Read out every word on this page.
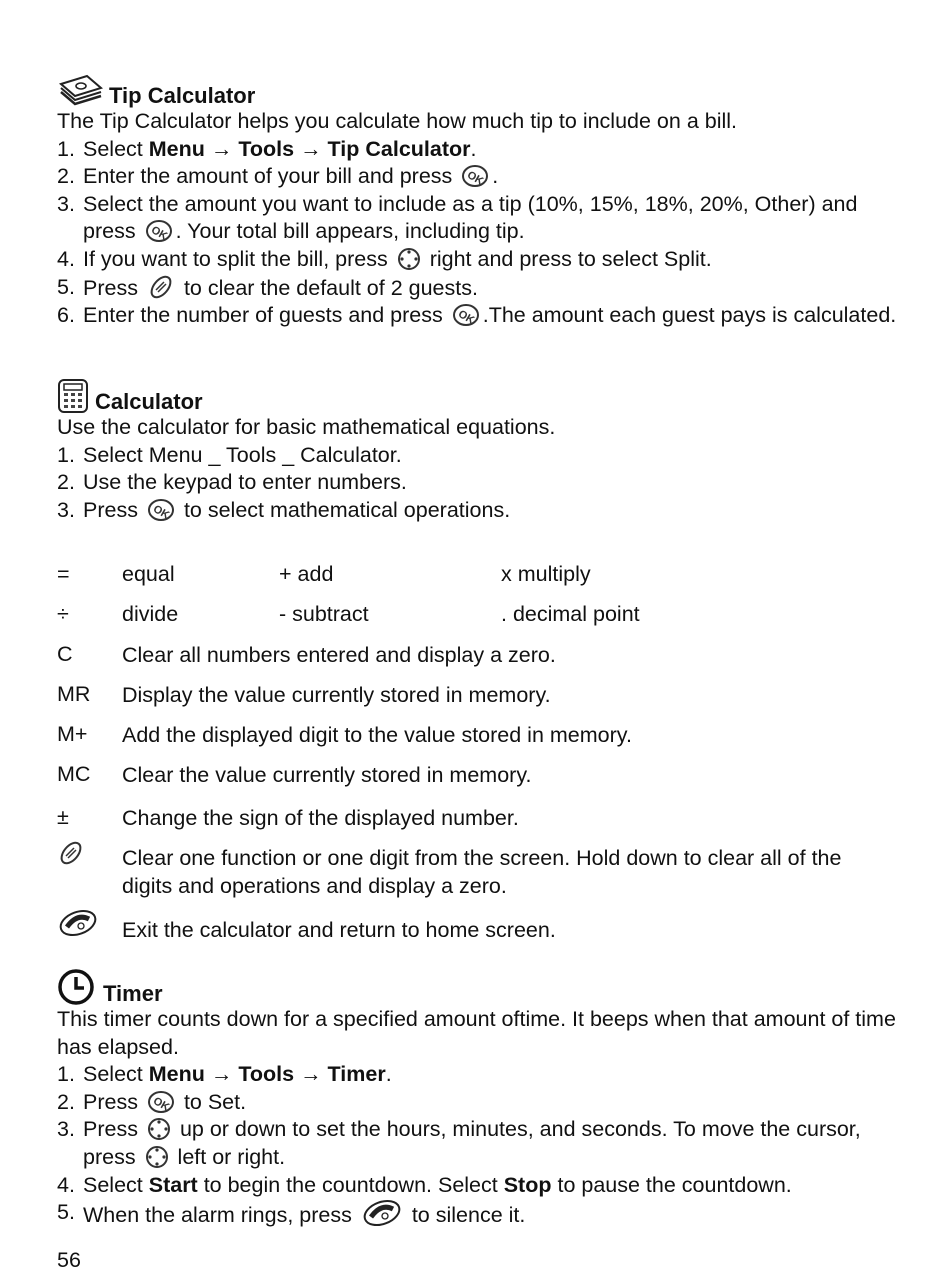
Tip Calculator
The Tip Calculator helps you calculate how much tip to include on a bill.
1. Select Menu → Tools → Tip Calculator.
2. Enter the amount of your bill and press OK .
3. Select the amount you want to include as a tip (10%, 15%, 18%, 20%, Other) and press OK . Your total bill appears, including tip.
4. If you want to split the bill, press right and press to select Split.
5. Press to clear the default of 2 guests.
6. Enter the number of guests and press OK .The amount each guest pays is calculated.
Calculator
Use the calculator for basic mathematical equations.
1. Select Menu _ Tools _ Calculator.
2. Use the keypad to enter numbers.
3. Press OK to select mathematical operations.
=	equal	+ add	x multiply
÷	divide	- subtract	. decimal point
C	Clear all numbers entered and display a zero.
MR	Display the value currently stored in memory.
M+	Add the displayed digit to the value stored in memory.
MC	Clear the value currently stored in memory.
±	Change the sign of the displayed number.
Clear one function or one digit from the screen. Hold down to clear all of the digits and operations and display a zero.
Exit the calculator and return to home screen.
Timer
This timer counts down for a specified amount oftime. It beeps when that amount of time has elapsed.
1. Select Menu → Tools → Timer.
2. Press OK to Set.
3. Press up or down to set the hours, minutes, and seconds. To move the cursor, press left or right.
4. Select Start to begin the countdown. Select Stop to pause the countdown.
5. When the alarm rings, press	to silence it.
56
